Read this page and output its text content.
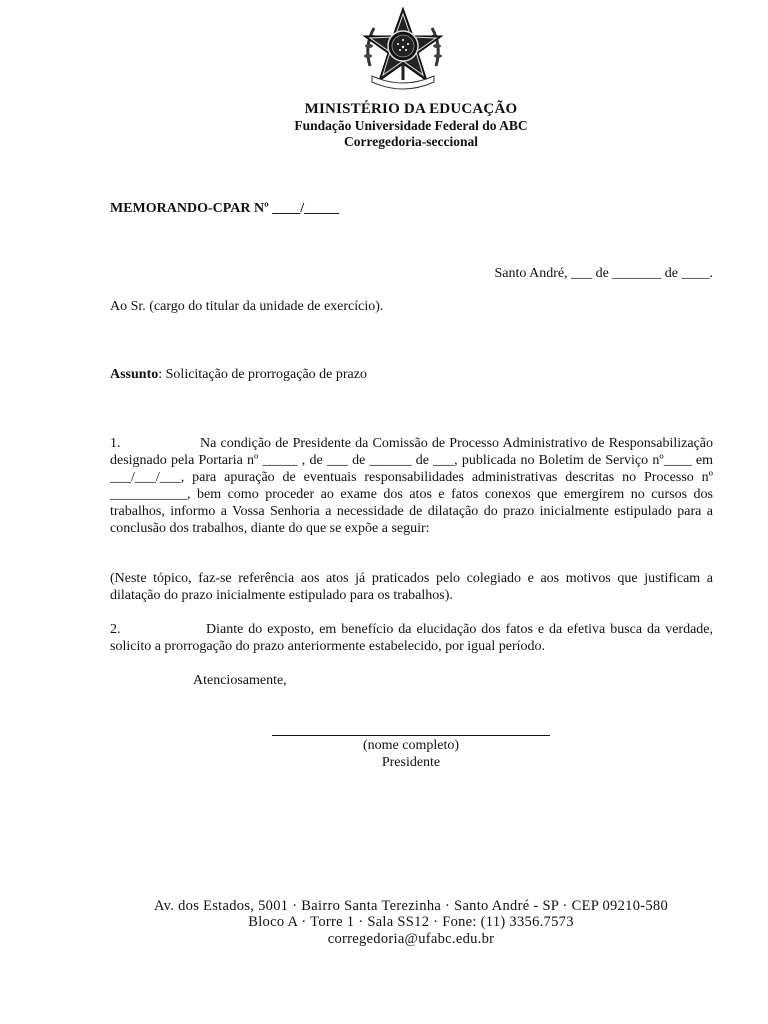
MINISTÉRIO DA EDUCAÇÃO
Fundação Universidade Federal do ABC
Corregedoria-seccional
MEMORANDO-CPAR Nº ____/_____
Santo André, ___ de _______ de ____.
Ao Sr. (cargo do titular da unidade de exercício).
Assunto: Solicitação de prorrogação de prazo
1.	Na condição de Presidente da Comissão de Processo Administrativo de Responsabilização designado pela Portaria nº _____ , de ___ de ______ de ___, publicada no Boletim de Serviço nº____ em ___/___/___, para apuração de eventuais responsabilidades administrativas descritas no Processo nº ___________, bem como proceder ao exame dos atos e fatos conexos que emergirem no cursos dos trabalhos, informo a Vossa Senhoria a necessidade de dilatação do prazo inicialmente estipulado para a conclusão dos trabalhos, diante do que se expõe a seguir:
(Neste tópico, faz-se referência aos atos já praticados pelo colegiado e aos motivos que justificam a dilatação do prazo inicialmente estipulado para os trabalhos).
2.	Diante do exposto, em benefício da elucidação dos fatos e da efetiva busca da verdade, solicito a prorrogação do prazo anteriormente estabelecido, por igual período.
Atenciosamente,
(nome completo)
Presidente
Av. dos Estados, 5001 · Bairro Santa Terezinha · Santo André - SP · CEP 09210-580
Bloco A · Torre 1 · Sala SS12 · Fone: (11) 3356.7573
corregedoria@ufabc.edu.br
